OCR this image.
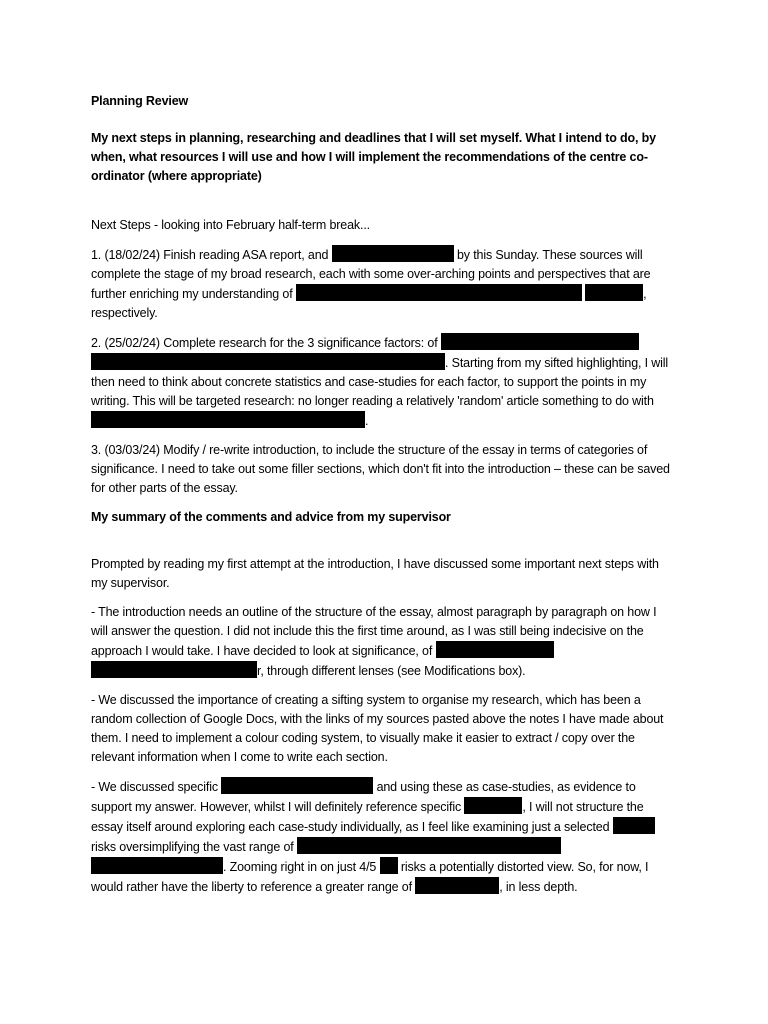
Planning Review
My next steps in planning, researching and deadlines that I will set myself. What I intend to do, by when, what resources I will use and how I will implement the recommendations of the centre co-ordinator (where appropriate)

Next Steps - looking into February half-term break...

1. (18/02/24) Finish reading ASA report, and	by this Sunday. These sources will complete the stage of my broad research, each with some over-arching points and perspectives that are further enriching my understanding of	, respectively.

2. (25/02/24) Complete research for the 3 significance factors: of  . Starting from my sifted highlighting, I will then need to think about concrete statistics and case-studies for each factor, to support the points in my writing. This will be targeted research: no longer reading a relatively 'random' article something to do with .

3. (03/03/24) Modify / re-write introduction, to include the structure of the essay in terms of categories of significance. I need to take out some filler sections, which don't fit into the introduction – these can be saved for other parts of the essay.

My summary of the comments and advice from my supervisor

Prompted by reading my first attempt at the introduction, I have discussed some important next steps with my supervisor.

- The introduction needs an outline of the structure of the essay, almost paragraph by paragraph on how I will answer the question. I did not include this the first time around, as I was still being indecisive on the approach I would take. I have decided to look at significance, of  r, through different lenses (see Modifications box).

- We discussed the importance of creating a sifting system to organise my research, which has been a random collection of Google Docs, with the links of my sources pasted above the notes I have made about them. I need to implement a colour coding system, to visually make it easier to extract / copy over the relevant information when I come to write each section.

- We discussed specific	and using these as case-studies, as evidence to support my answer. However, whilst I will definitely reference specific	, I will not structure the essay itself around exploring each case-study individually, as I feel like examining just a selected  risks oversimplifying the vast range of  . Zooming right in on just 4/5  risks a potentially distorted view. So, for now, I would rather have the liberty to reference a greater range of	, in less depth.
